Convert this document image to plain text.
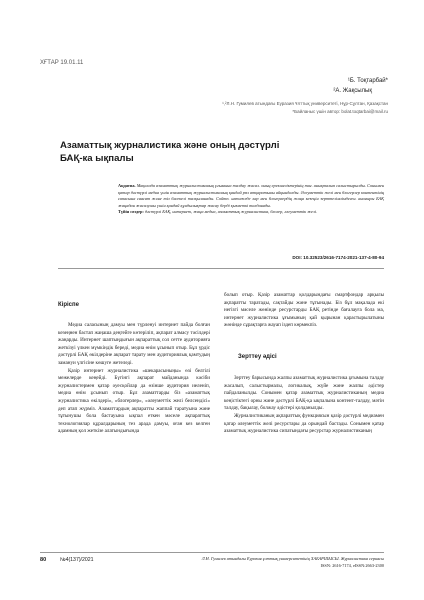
ХҒТАР 19.01.11
¹Б. Тоқтарбай*
²А. Жақсылық
¹,²Л.Н. Гумилев атындағы Еуразия Ұлттық университеті, Нұр-Сұлтан, Қазақстан
*Байланыс үшін автор: bolat.toqtarbai@mail.ru
Азаматтық журналистика және оның дәстүрлі
БАҚ-ка ықпалы
Аңдатпа. Мақалада азаматтық журналистиканың ұғымына талдау жасал. оның ерекшеліктерінің тағ. анықталып салыстырылды. Сонымен қатар дәстүрлі медиа үшін азаматтық журналистиканың қандай рөл атқаратыны айқындалды. Әлеуметтік желі мен блогерлер контентінің сапасына саясат және тіл бәсекелі талқыланады. Сойтп. нәтижеде лар мен блогерлердің жаңа кезеңін зерттелімлімдеген. анағыры БАҚ жаңадан жасалушы үшін қандай құндылықтар жасау берді қызметкі талданады.
Түйін сөздер: дәстүрлі БАҚ, интернет, жаңа медиа, азаматтық журналистика, блогер, әлеуметтік желі.
DOI: 10.32523/2616-7174-2021-137-4-80-94
Кіріспе

Медиа саласының дамуы мен түрленуі интернет пайда болған кезеңнен бастап жаңаша деңгейге көтеріліп, ақпарат алмасу тәсілдері жаңарды. Интернет шаптыңдығын ақпараттық сол сетте аудиторияға жеткізуі үлкен мүмкіндік береді, медиа өнім ұсынып отыр. Бұл үрдіс дәстүрлі БАҚ өкілдеріне ақпарат тарату мен аудиториялық қамтудың замануи үлгісіне көшуге жетеледі.

Қазір интернет журналистика «шекарасыныңы» өзі белгілі межелерде кеңейді. Бүгінгі ақпарат майданында кәсіби журналистермен қатар әуесқойлар да өзінше аудитория иеленіп, медиа өнім ұсынып отыр. Бұл азаматтарды біз «азаматтық журналистика өкілдері», «блогерлер», «әлеуметтік желі белсендісі» деп атап жүрміз. Азаматтардың ақпаратты жаппай таратуына және тұтынушы бола бастауына ықпал еткен мәселе ақпараттық технологиялар құралдарының тез арада дамуы, оған кез келген адамның қол жеткізе алатындығында

болып отыр. Қазір азаматтар қолдарындағы смартфондар арқылы ақпаратты таратады, сақтайды және тұтынады. Біз бұл мақалада екі негізгі мәселе жөнінде ресурстарды БАҚ ретінде бағалауға бола ма, интернет журналистика ұғымының қай қырынан қарастырылатыны жөнінде сұрақтарға жауап іздеп көрмекпіз.

Зерттеу әдісі

Зерттеу барысында жалпы азаматтық журналистика ұғымына талдау жасалып, салыстырмалы, логикалық, жүйе және жалпы әдістер пайдаланылды. Сонымен қатар азаматтық журналистиканың медиа кеңістіктегі орны және дәстүрлі БАҚ-қа ықпалына контент-талдау, мәтін талдау, бақылау, болжау әдістері қолданылды.

Журналистиканың ақпараттық функциясын қазір дәстүрлі медиамен қатар әлеуметтік желі ресурстары да орындай бастады. Сонымен қатар азаматтық журналистика сипатындағы ресурстар журналистиканың

80	№4(137)/2021	Л.Н. Гумилев атындағы Еуразия ұлттық университетінің ХАБАРШЫСЫ. Журналистика сериясы
ISSN: 2616-7174, eISSN:2663-2300
